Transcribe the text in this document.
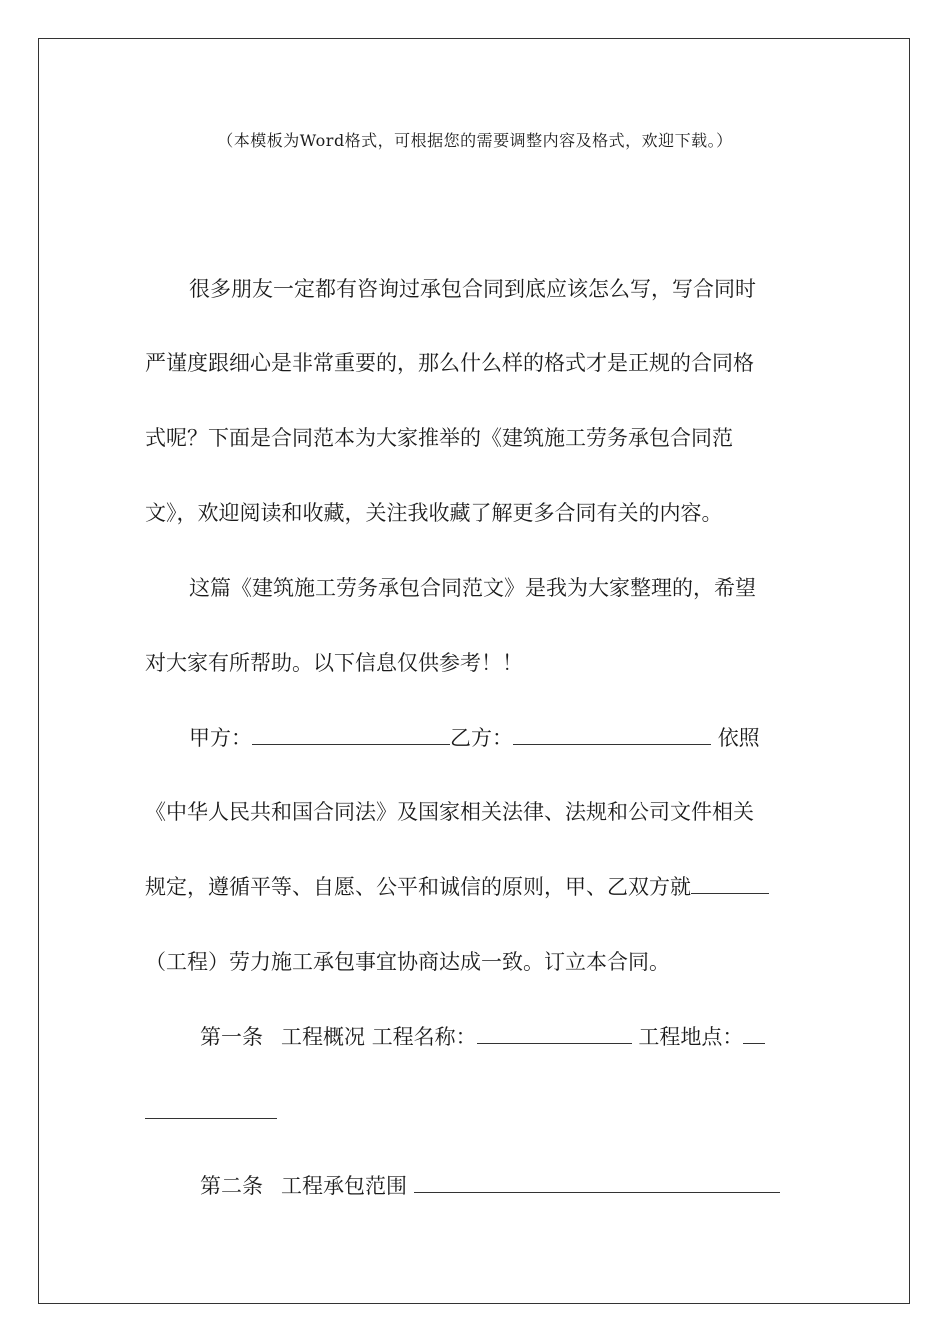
（本模板为Word格式，可根据您的需要调整内容及格式，欢迎下载。）
很多朋友一定都有咨询过承包合同到底应该怎么写，写合同时
严谨度跟细心是非常重要的，那么什么样的格式才是正规的合同格
式呢？下面是合同范本为大家推举的《建筑施工劳务承包合同范
文》，欢迎阅读和收藏，关注我收藏了解更多合同有关的内容。
这篇《建筑施工劳务承包合同范文》是我为大家整理的，希望
对大家有所帮助。以下信息仅供参考！！
甲方：	乙方：	依照
《中华人民共和国合同法》及国家相关法律、法规和公司文件相关
规定，遵循平等、自愿、公平和诚信的原则，甲、乙双方就
（工程）劳力施工承包事宜协商达成一致。订立本合同。
第一条 工程概况 工程名称：	工程地点：
第二条 工程承包范围
